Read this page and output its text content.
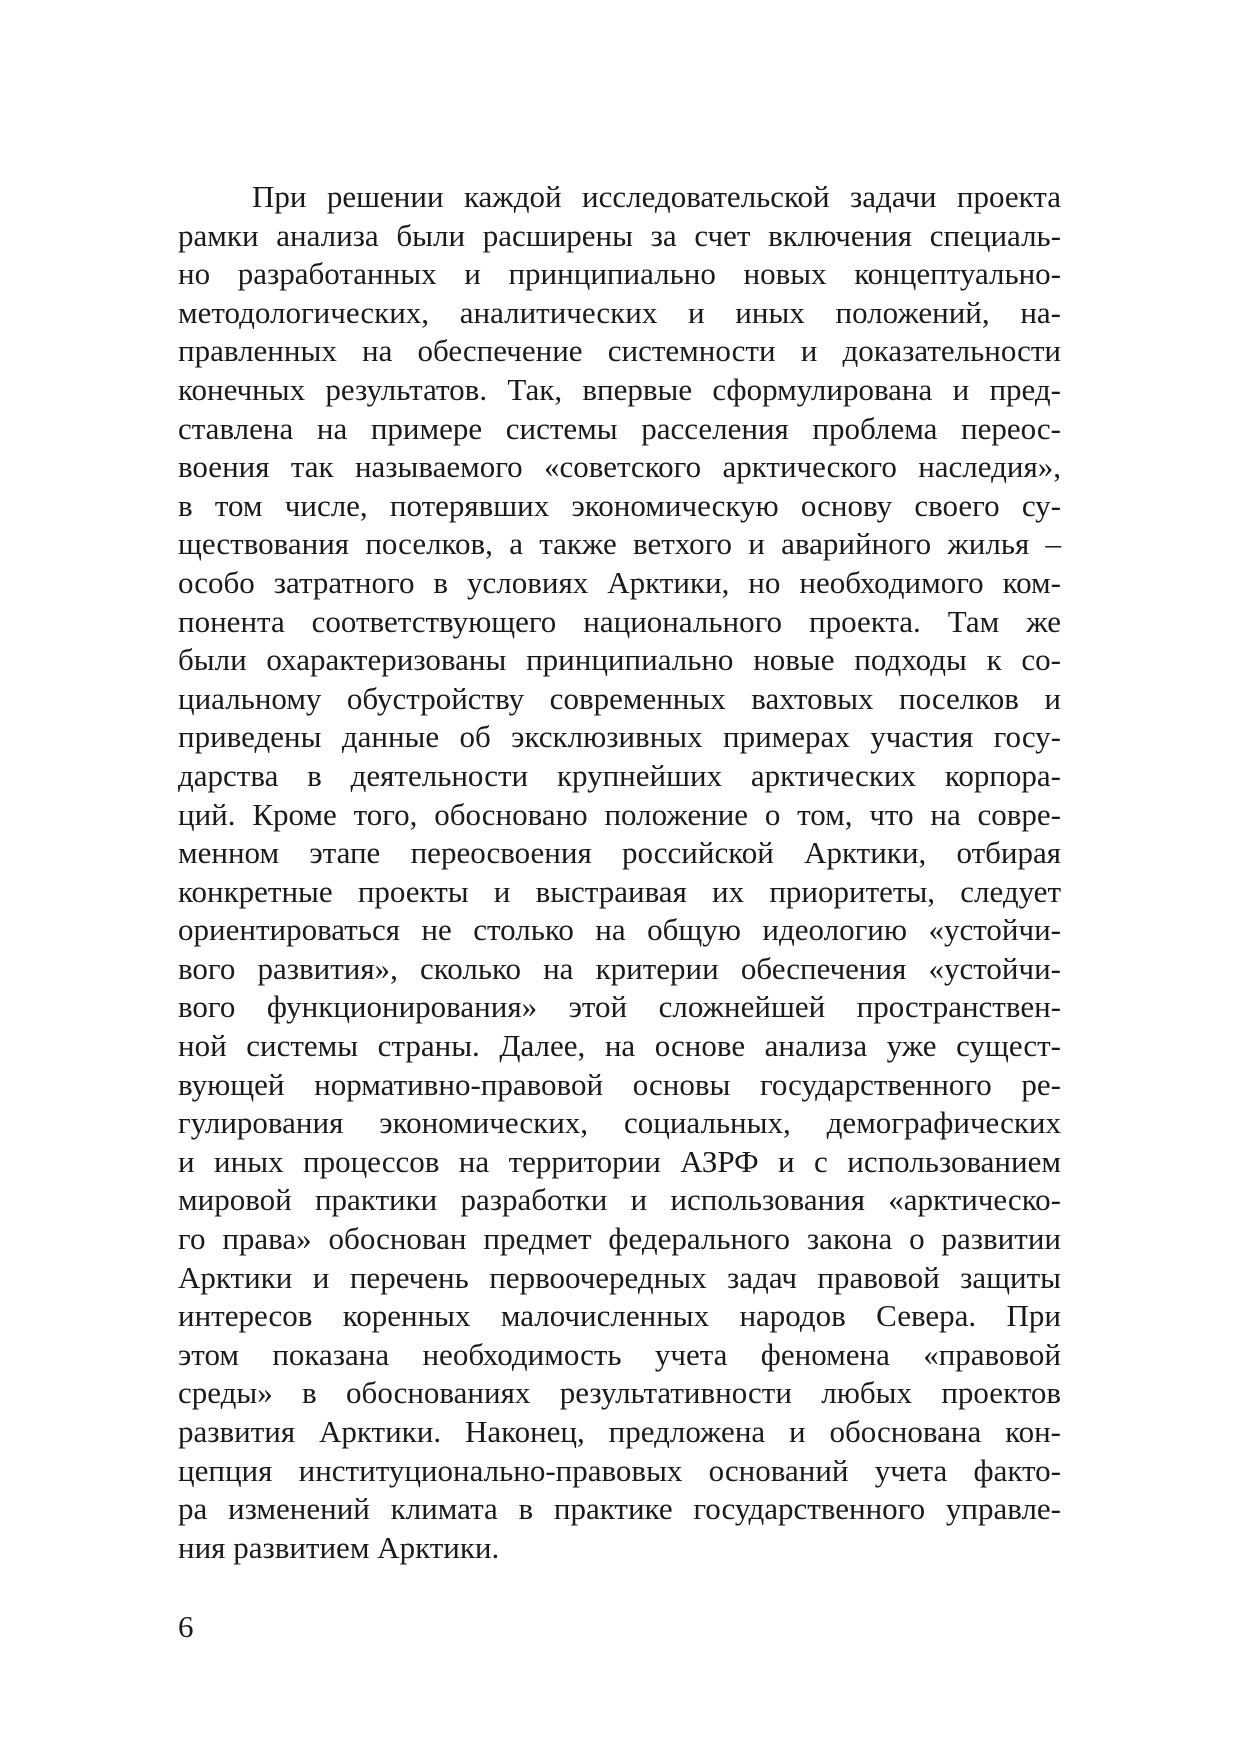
При решении каждой исследовательской задачи проекта
рамки анализа были расширены за счет включения специаль-
но разработанных и принципиально новых концептуально-
методологических, аналитических и иных положений, на-
правленных на обеспечение системности и доказательности
конечных результатов. Так, впервые сформулирована и пред-
ставлена на примере системы расселения проблема переос-
воения так называемого «советского арктического наследия»,
в том числе, потерявших экономическую основу своего су-
ществования поселков, а также ветхого и аварийного жилья –
особо затратного в условиях Арктики, но необходимого ком-
понента соответствующего национального проекта. Там же
были охарактеризованы принципиально новые подходы к со-
циальному обустройству современных вахтовых поселков и
приведены данные об эксклюзивных примерах участия госу-
дарства в деятельности крупнейших арктических корпора-
ций. Кроме того, обосновано положение о том, что на совре-
менном этапе переосвоения российской Арктики, отбирая
конкретные проекты и выстраивая их приоритеты, следует
ориентироваться не столько на общую идеологию «устойчи-
вого развития», сколько на критерии обеспечения «устойчи-
вого функционирования» этой сложнейшей пространствен-
ной системы страны. Далее, на основе анализа уже сущест-
вующей нормативно-правовой основы государственного ре-
гулирования экономических, социальных, демографических
и иных процессов на территории АЗРФ и с использованием
мировой практики разработки и использования «арктическо-
го права» обоснован предмет федерального закона о развитии
Арктики и перечень первоочередных задач правовой защиты
интересов коренных малочисленных народов Севера. При
этом показана необходимость учета феномена «правовой
среды» в обоснованиях результативности любых проектов
развития Арктики. Наконец, предложена и обоснована кон-
цепция институционально-правовых оснований учета факто-
ра изменений климата в практике государственного управле-
ния развитием Арктики.
6
